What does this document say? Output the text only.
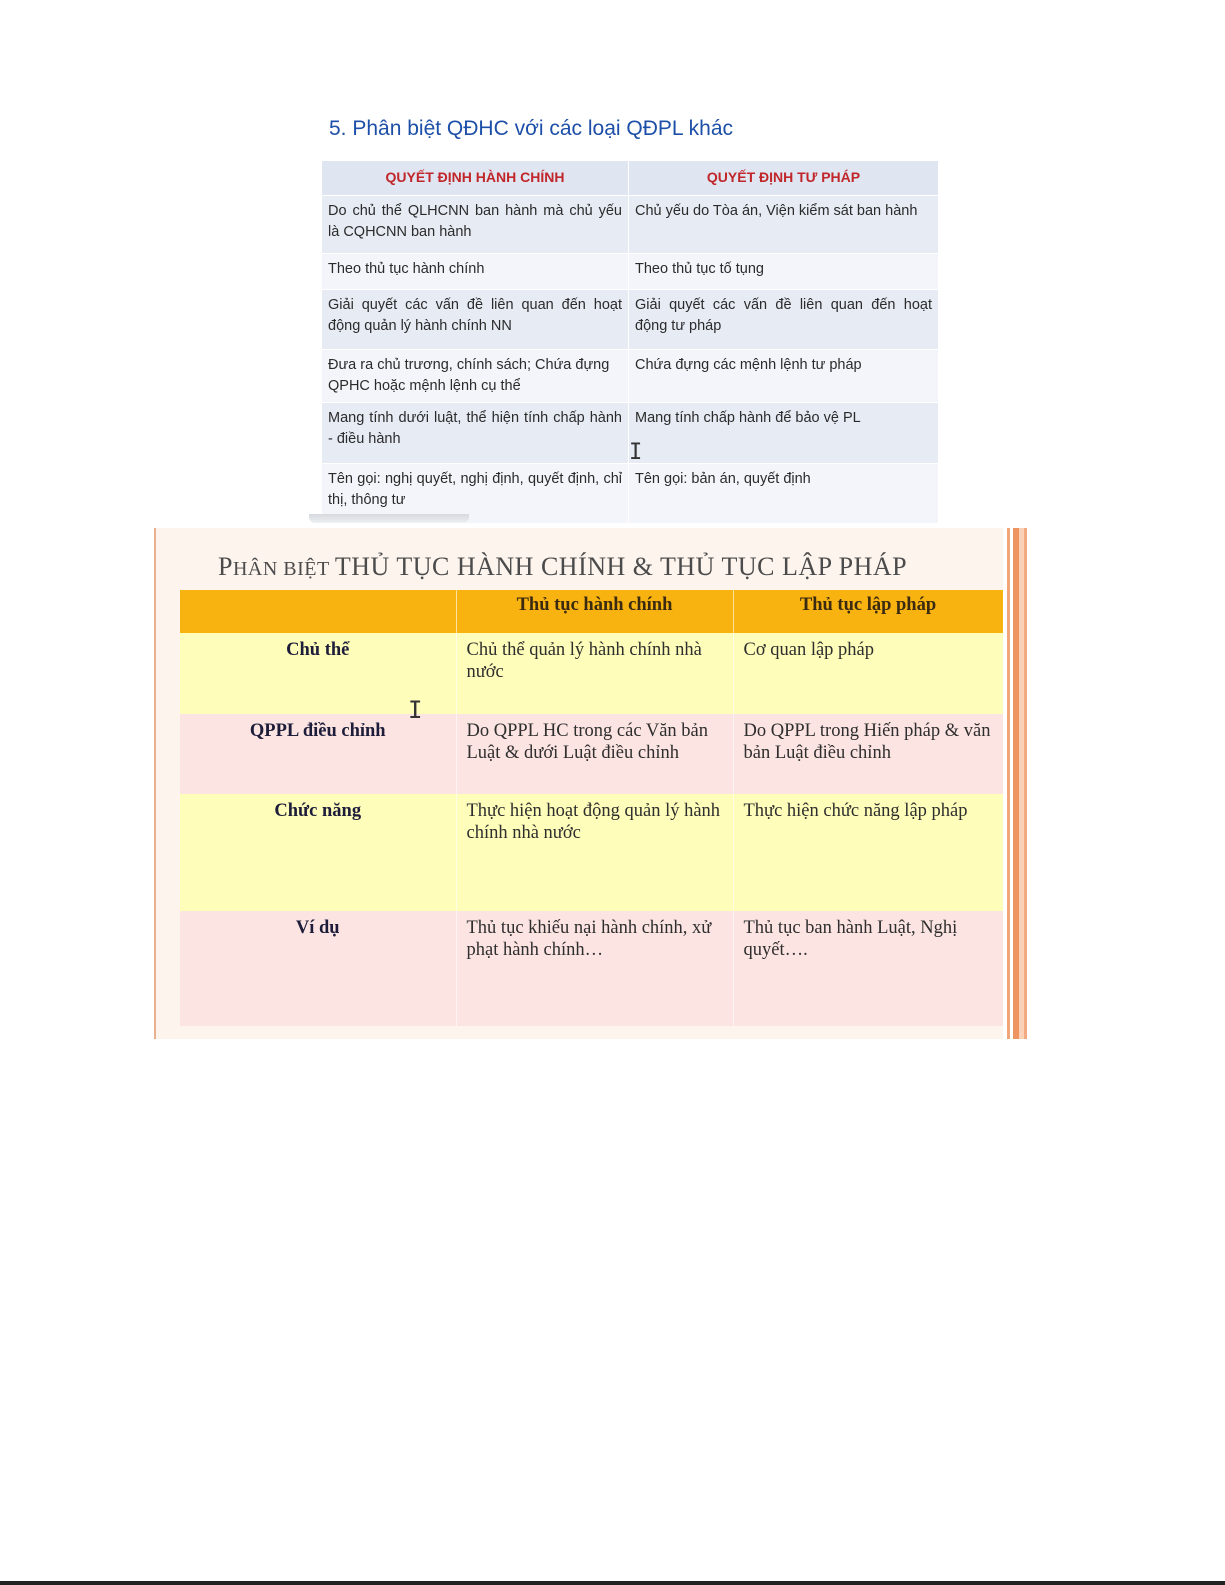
5. Phân biệt QĐHC với các loại QĐPL khác
QUYẾT ĐỊNH HÀNH CHÍNH	QUYẾT ĐỊNH TƯ PHÁP
Do chủ thể QLHCNN ban hành mà chủ yếu là CQHCNN ban hành	Chủ yếu do Tòa án, Viện kiểm sát ban hành
Theo thủ tục hành chính	Theo thủ tục tố tụng
Giải quyết các vấn đề liên quan đến hoạt động quản lý hành chính NN	Giải quyết các vấn đề liên quan đến hoạt động tư pháp
Đưa ra chủ trương, chính sách; Chứa đựng QPHC hoặc mệnh lệnh cụ thể	Chứa đựng các mệnh lệnh tư pháp
Mang tính dưới luật, thể hiện tính chấp hành - điều hành	Mang tính chấp hành để bảo vệ PL
Tên gọi: nghị quyết, nghị định, quyết định, chỉ thị, thông tư	Tên gọi: bản án, quyết định
I
PHÂN BIỆT THỦ TỤC HÀNH CHÍNH & THỦ TỤC LẬP PHÁP
	Thủ tục hành chính	Thủ tục lập pháp
Chủ thể	Chủ thể quản lý hành chính nhà nước	Cơ quan lập pháp
QPPL điều chỉnh	Do QPPL HC trong các Văn bản Luật & dưới Luật điều chỉnh	Do QPPL trong Hiến pháp & văn bản Luật điều chỉnh
Chức năng	Thực hiện hoạt động quản lý hành chính nhà nước	Thực hiện chức năng lập pháp
Ví dụ	Thủ tục khiếu nại hành chính, xử phạt hành chính…	Thủ tục ban hành Luật, Nghị quyết….
I
